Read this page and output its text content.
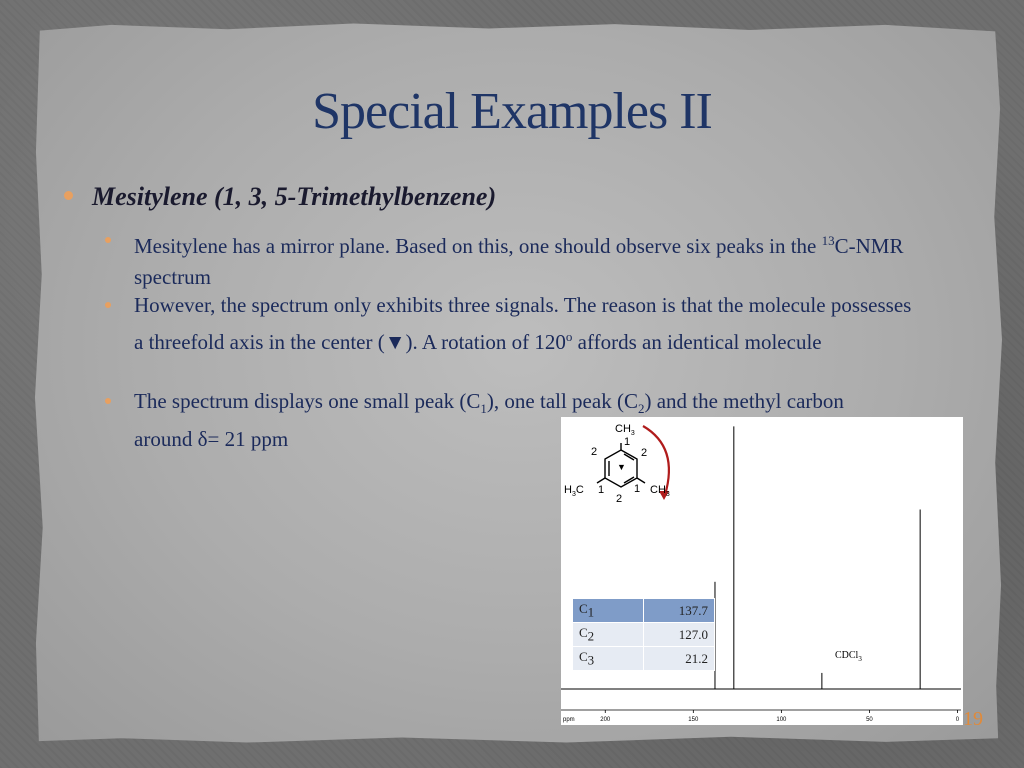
Special Examples II
Mesitylene (1, 3, 5-Trimethylbenzene)
Mesitylene has a mirror plane. Based on this, one should observe six peaks in the $^{13}$C-NMR spectrum
However, the spectrum only exhibits three signals. The reason is that the molecule possesses a threefold axis in the center (▼). A rotation of 120$^o$ affords an identical molecule
The spectrum displays one small peak $(C_1)$, one tall peak $(C_2)$ and the methyl carbon around δ= 21 ppm
200	150	100	50	0
ppm
$CH_3$
$H_3C$	$CH_3$
1
2	2
1	1
2
▼
CDCl$_3$
$C_1$	137.7
$C_2$	127.0
$C_3$	21.2
19
